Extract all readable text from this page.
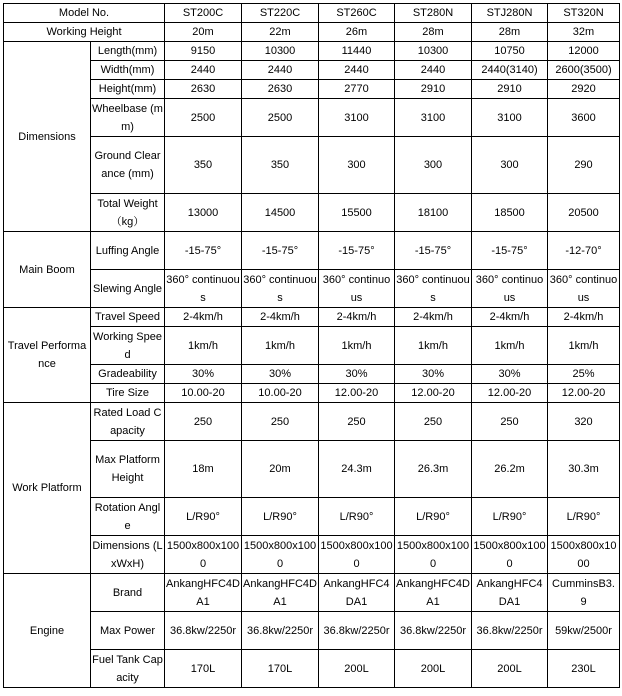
Model No.		ST200C	ST220C	ST260C	ST280N	STJ280N	ST320N
Working Height		20m	22m	26m	28m	28m	32m
Dimensions	Length(mm)	9150	10300	11440	10300	10750	12000
	Width(mm)	2440	2440	2440	2440	2440(3140)	2600(3500)
	Height(mm)	2630	2630	2770	2910	2910	2920
	Wheelbase (mm)	2500	2500	3100	3100	3100	3600
	Ground Clearance (mm)	350	350	300	300	300	290
	Total Weight （kg）	13000	14500	15500	18100	18500	20500
Main Boom	Luffing Angle	-15-75°	-15-75°	-15-75°	-15-75°	-15-75°	-12-70°
	Slewing Angle	360° continuous	360° continuous	360° continuous	360° continuous	360° continuous	360° continuous
Travel Performance	Travel Speed	2-4km/h	2-4km/h	2-4km/h	2-4km/h	2-4km/h	2-4km/h
	Working Speed	1km/h	1km/h	1km/h	1km/h	1km/h	1km/h
	Gradeability	30%	30%	30%	30%	30%	25%
	Tire Size	10.00-20	10.00-20	12.00-20	12.00-20	12.00-20	12.00-20
Work Platform	Rated Load Capacity	250	250	250	250	250	320
	Max Platform Height	18m	20m	24.3m	26.3m	26.2m	30.3m
	Rotation Angle	L/R90°	L/R90°	L/R90°	L/R90°	L/R90°	L/R90°
	Dimensions (LxWxH)	1500x800x1000	1500x800x1000	1500x800x1000	1500x800x1000	1500x800x1000	1500x800x1000
Engine	Brand	AnkangHFC4DA1	AnkangHFC4DA1	AnkangHFC4DA1	AnkangHFC4DA1	AnkangHFC4DA1	CumminsB3.9
	Max Power	36.8kw/2250r	36.8kw/2250r	36.8kw/2250r	36.8kw/2250r	36.8kw/2250r	59kw/2500r
	Fuel Tank Capacity	170L	170L	200L	200L	200L	230L
